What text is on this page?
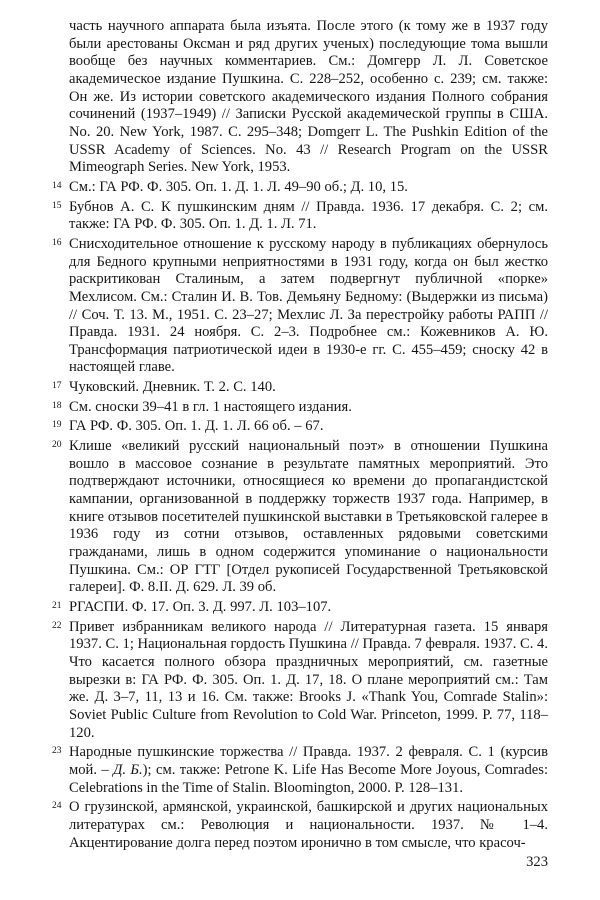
часть научного аппарата была изъята. После этого (к тому же в 1937 году были арестованы Оксман и ряд других ученых) последующие тома вышли вообще без научных комментариев. См.: Домгерр Л. Л. Советское академическое издание Пушкина. С. 228–252, особенно с. 239; см. также: Он же. Из истории советского академического издания Полного собрания сочинений (1937–1949) // Записки Русской академической группы в США. No. 20. New York, 1987. С. 295–348; Domgerr L. The Pushkin Edition of the USSR Academy of Sciences. No. 43 // Research Program on the USSR Mimeograph Series. New York, 1953.

14 См.: ГА РФ. Ф. 305. Оп. 1. Д. 1. Л. 49–90 об.; Д. 10, 15.
15 Бубнов А. С. К пушкинским дням // Правда. 1936. 17 декабря. С. 2; см. также: ГА РФ. Ф. 305. Оп. 1. Д. 1. Л. 71.
16 Снисходительное отношение к русскому народу в публикациях обернулось для Бедного крупными неприятностями в 1931 году, когда он был жестко раскритикован Сталиным, а затем подвергнут публичной «порке» Мехлисом. См.: Сталин И. В. Тов. Демьяну Бедному: (Выдержки из письма) // Соч. Т. 13. М., 1951. С. 23–27; Мехлис Л. За перестройку работы РАПП // Правда. 1931. 24 ноября. С. 2–3. Подробнее см.: Кожевников А. Ю. Трансформация патриотической идеи в 1930-е гг. С. 455–459; сноску 42 в настоящей главе.
17 Чуковский. Дневник. Т. 2. С. 140.
18 См. сноски 39–41 в гл. 1 настоящего издания.
19 ГА РФ. Ф. 305. Оп. 1. Д. 1. Л. 66 об. – 67.
20 Клише «великий русский национальный поэт» в отношении Пушкина вошло в массовое сознание в результате памятных мероприятий. Это подтверждают источники, относящиеся ко времени до пропагандистской кампании, организованной в поддержку торжеств 1937 года. Например, в книге отзывов посетителей пушкинской выставки в Третьяковской галерее в 1936 году из сотни отзывов, оставленных рядовыми советскими гражданами, лишь в одном содержится упоминание о национальности Пушкина. См.: ОР ГТГ [Отдел рукописей Государственной Третьяковской галереи]. Ф. 8.II. Д. 629. Л. 39 об.
21 РГАСПИ. Ф. 17. Оп. 3. Д. 997. Л. 103–107.
22 Привет избранникам великого народа // Литературная газета. 15 января 1937. С. 1; Национальная гордость Пушкина // Правда. 7 февраля. 1937. С. 4. Что касается полного обзора праздничных мероприятий, см. газетные вырезки в: ГА РФ. Ф. 305. Оп. 1. Д. 17, 18. О плане мероприятий см.: Там же. Д. 3–7, 11, 13 и 16. См. также: Brooks J. «Thank You, Comrade Stalin»: Soviet Public Culture from Revolution to Cold War. Princeton, 1999. P. 77, 118–120.
23 Народные пушкинские торжества // Правда. 1937. 2 февраля. С. 1 (курсив мой. – Д. Б.); см. также: Petrone K. Life Has Become More Joyous, Comrades: Celebrations in the Time of Stalin. Bloomington, 2000. P. 128–131.
24 О грузинской, армянской, украинской, башкирской и других национальных литературах см.: Революция и национальности. 1937. № 1–4. Акцентирование долга перед поэтом иронично в том смысле, что красоч-
323
